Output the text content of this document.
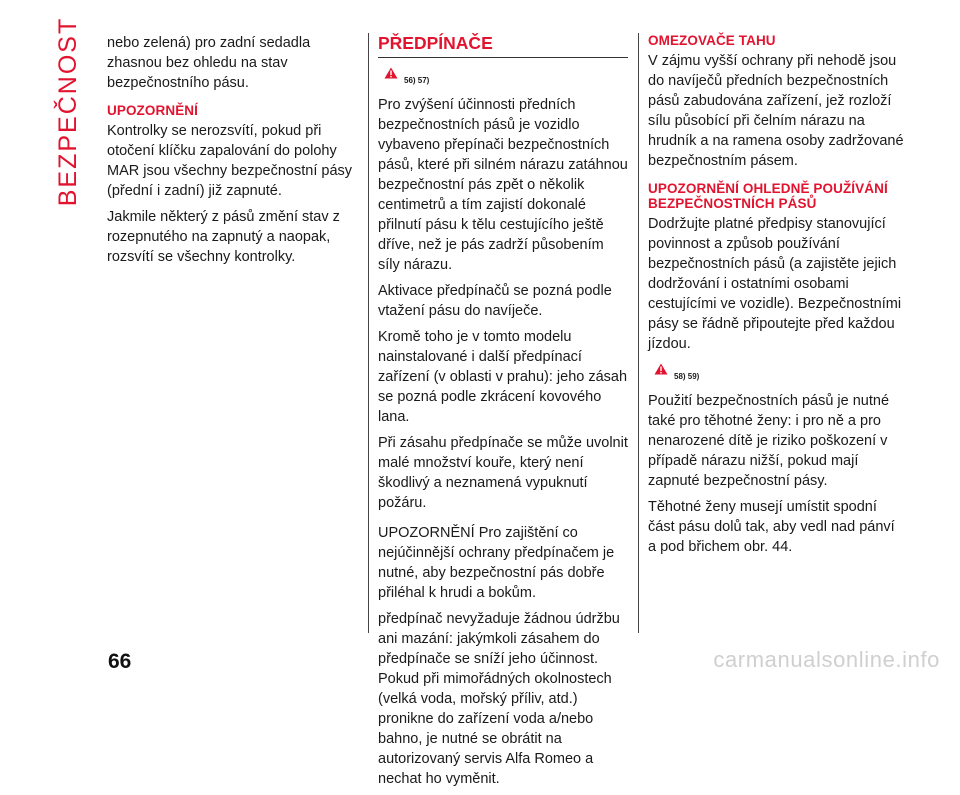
BEZPEČNOST nebo zelená) pro zadní sedadla zhasnou bez ohledu na stav bezpečnostního pásu.

UPOZORNĚNÍ

Kontrolky se nerozsvítí, pokud při otočení klíčku zapalování do polohy MAR jsou všechny bezpečnostní pásy (přední i zadní) již zapnuté.

Jakmile některý z pásů změní stav z rozepnutého na zapnutý a naopak, rozsvítí se všechny kontrolky.

PŘEDPÍNAČE
56) 57)

Pro zvýšení účinnosti předních bezpečnostních pásů je vozidlo vybaveno přepínači bezpečnostních pásů, které při silném nárazu zatáhnou bezpečnostní pás zpět o několik centimetrů a tím zajistí dokonalé přilnutí pásu k tělu cestujícího ještě dříve, než je pás zadrží působením síly nárazu.

Aktivace předpínačů se pozná podle vtažení pásu do navíječe.

Kromě toho je v tomto modelu nainstalované i další předpínací zařízení (v oblasti v prahu): jeho zásah se pozná podle zkrácení kovového lana.

Při zásahu předpínače se může uvolnit malé množství kouře, který není škodlivý a neznamená vypuknutí požáru.

UPOZORNĚNÍ Pro zajištění co nejúčinnější ochrany předpínačem je nutné, aby bezpečnostní pás dobře přiléhal k hrudi a bokům.

předpínač nevyžaduje žádnou údržbu ani mazání: jakýmkoli zásahem do předpínače se sníží jeho účinnost. Pokud při mimořádných okolnostech (velká voda, mořský příliv, atd.) pronikne do zařízení voda a/nebo bahno, je nutné se obrátit na autorizovaný servis Alfa Romeo a nechat ho vyměnit.

OMEZOVAČE TAHU

V zájmu vyšší ochrany při nehodě jsou do navíječů předních bezpečnostních pásů zabudována zařízení, jež rozloží sílu působící při čelním nárazu na hrudník a na ramena osoby zadržované bezpečnostním pásem.

UPOZORNĚNÍ OHLEDNĚ POUŽÍVÁNÍ BEZPEČNOSTNÍCH PÁSŮ

Dodržujte platné předpisy stanovující povinnost a způsob používání bezpečnostních pásů (a zajistěte jejich dodržování i ostatními osobami cestujícími ve vozidle). Bezpečnostními pásy se řádně připoutejte před každou jízdou.

58) 59)

Použití bezpečnostních pásů je nutné také pro těhotné ženy: i pro ně a pro nenarozené dítě je riziko poškození v případě nárazu nižší, pokud mají zapnuté bezpečnostní pásy.

Těhotné ženy musejí umístit spodní část pásu dolů tak, aby vedl nad pánví a pod břichem obr. 44.

66	carmanualsonline.info
